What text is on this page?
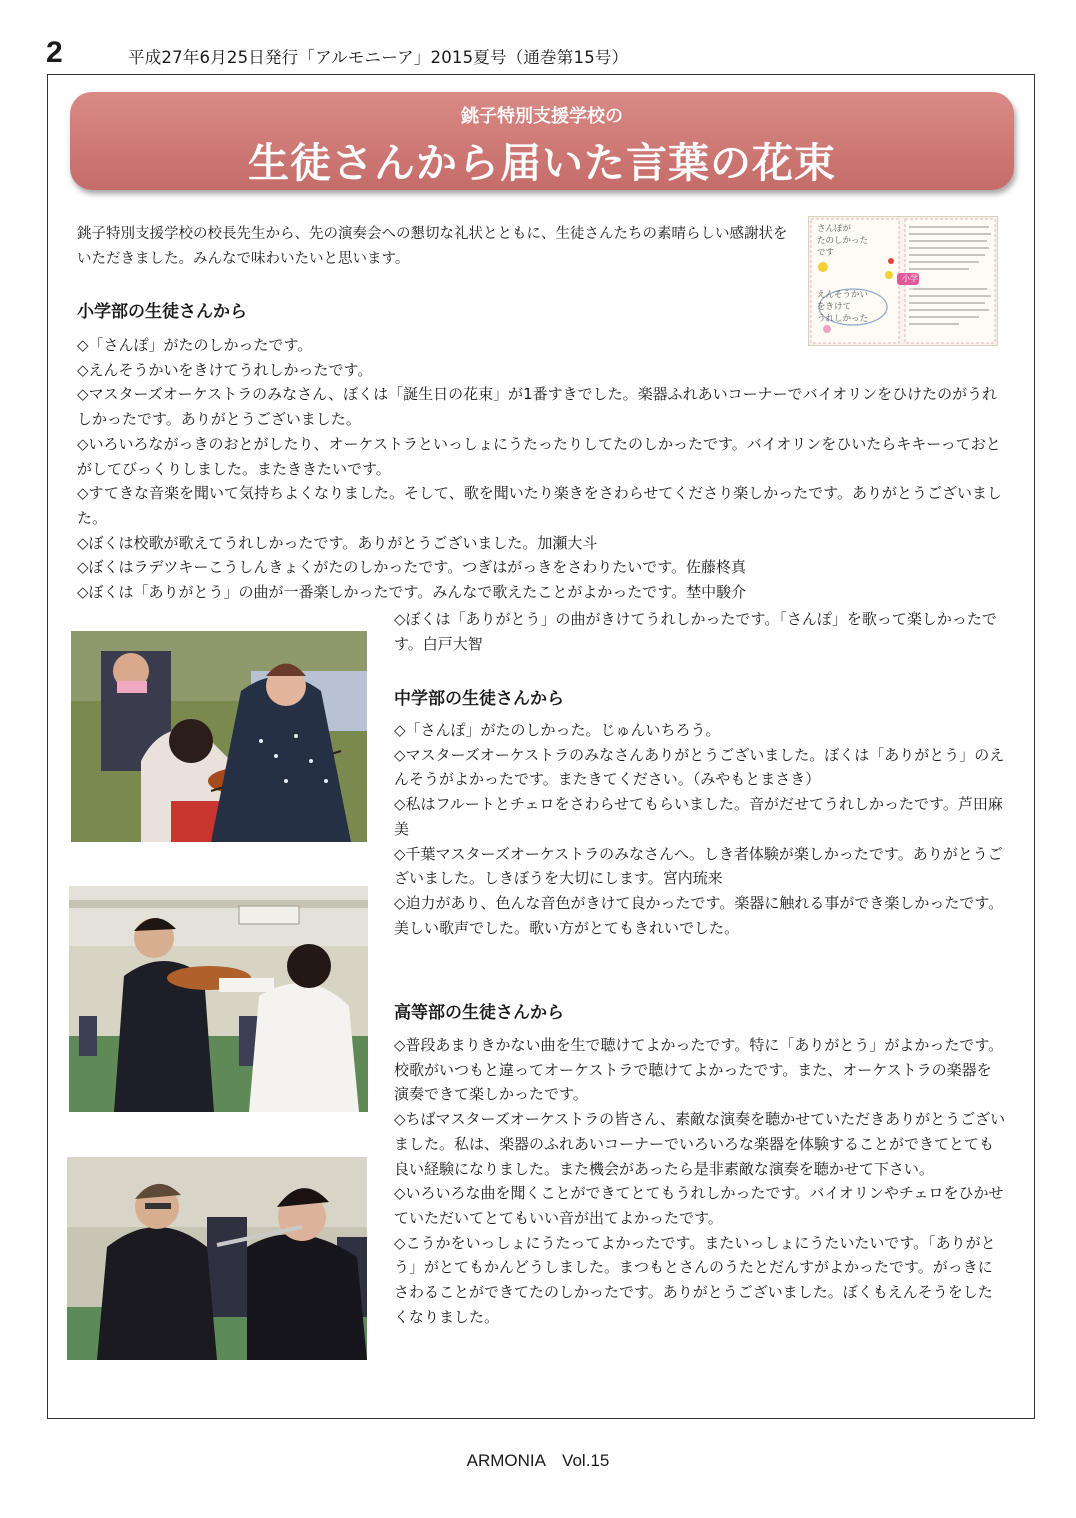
2	平成27年6月25日発行「アルモニーア」2015夏号（通巻第15号）
銚子特別支援学校の
生徒さんから届いた言葉の花束
銚子特別支援学校の校長先生から、先の演奏会への懇切な礼状とともに、生徒さんたちの素晴らしい感謝状をいただきました。みんなで味わいたいと思います。
小学部
さんぽが
たのしかった
です
えんそうかい
をきけて
うれしかった
小学部の生徒さんから
◇「さんぽ」がたのしかったです。
◇えんそうかいをきけてうれしかったです。
◇マスターズオーケストラのみなさん、ぼくは「誕生日の花束」が1番すきでした。楽器ふれあいコーナーでバイオリンをひけたのがうれしかったです。ありがとうございました。
◇いろいろながっきのおとがしたり、オーケストラといっしょにうたったりしてたのしかったです。バイオリンをひいたらキキーっておとがしてびっくりしました。またききたいです。
◇すてきな音楽を聞いて気持ちよくなりました。そして、歌を聞いたり楽きをさわらせてくださり楽しかったです。ありがとうございました。
◇ぼくは校歌が歌えてうれしかったです。ありがとうございました。加瀬大斗
◇ぼくはラデツキーこうしんきょくがたのしかったです。つぎはがっきをさわりたいです。佐藤柊真
◇ぼくは「ありがとう」の曲が一番楽しかったです。みんなで歌えたことがよかったです。埜中駿介
◇ぼくは「ありがとう」の曲がきけてうれしかったです。「さんぽ」を歌って楽しかったです。白戸大智
中学部の生徒さんから
◇「さんぽ」がたのしかった。じゅんいちろう。
◇マスターズオーケストラのみなさんありがとうございました。ぼくは「ありがとう」のえんそうがよかったです。またきてください。（みやもとまさき）
◇私はフルートとチェロをさわらせてもらいました。音がだせてうれしかったです。芦田麻美
◇千葉マスターズオーケストラのみなさんへ。しき者体験が楽しかったです。ありがとうございました。しきぼうを大切にします。宮内琉来
◇迫力があり、色んな音色がきけて良かったです。楽器に触れる事ができ楽しかったです。美しい歌声でした。歌い方がとてもきれいでした。
高等部の生徒さんから
◇普段あまりきかない曲を生で聴けてよかったです。特に「ありがとう」がよかったです。校歌がいつもと違ってオーケストラで聴けてよかったです。また、オーケストラの楽器を演奏できて楽しかったです。
◇ちばマスターズオーケストラの皆さん、素敵な演奏を聴かせていただきありがとうございました。私は、楽器のふれあいコーナーでいろいろな楽器を体験することができてとても良い経験になりました。また機会があったら是非素敵な演奏を聴かせて下さい。
◇いろいろな曲を聞くことができてとてもうれしかったです。バイオリンやチェロをひかせていただいてとてもいい音が出てよかったです。
◇こうかをいっしょにうたってよかったです。またいっしょにうたいたいです。「ありがとう」がとてもかんどうしました。まつもとさんのうたとだんすがよかったです。がっきにさわることができてたのしかったです。ありがとうございました。ぼくもえんそうをしたくなりました。
ARMONIA　Vol.15
